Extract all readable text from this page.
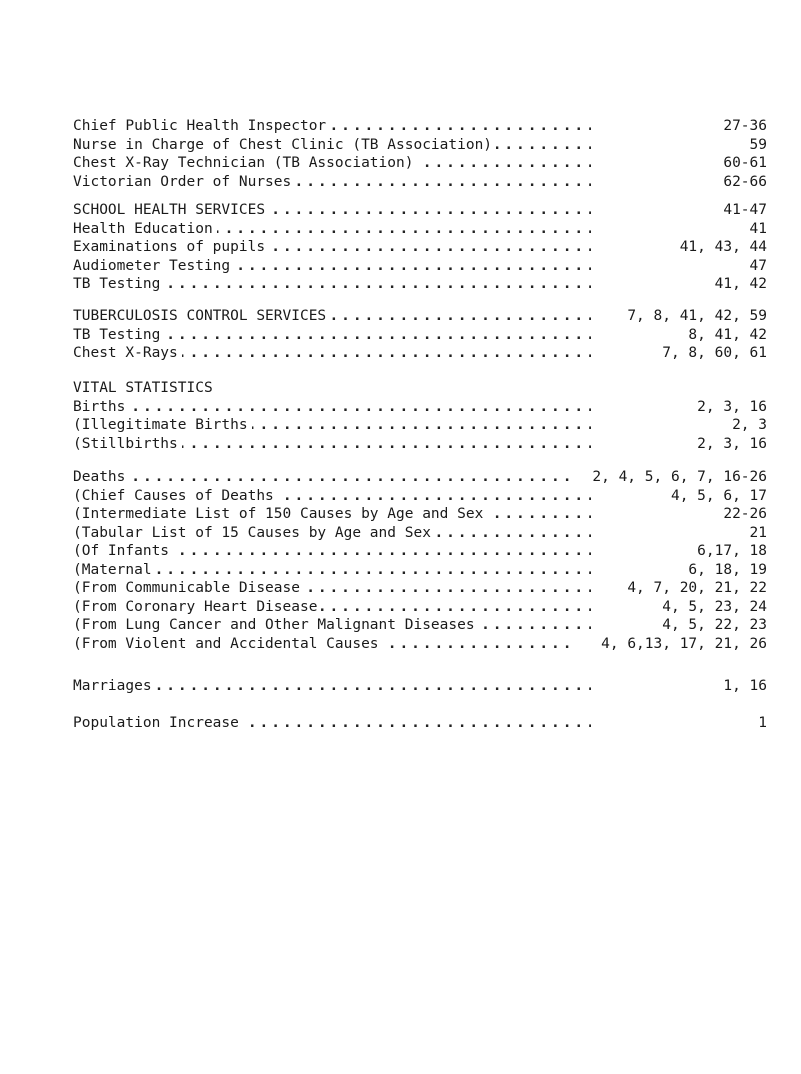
Chief Public Health Inspector . . .	27-36
Nurse in Charge of Chest Clinic (TB Association) . . .	59
Chest X-Ray Technician (TB Association) . . .	60-61
Victorian Order of Nurses . . .	62-66
SCHOOL HEALTH SERVICES . . .	41-47
Health Education . . .	41
Examinations of pupils . . .	41, 43, 44
Audiometer Testing . . .	47
TB Testing . . .	41, 42
TUBERCULOSIS CONTROL SERVICES . . .	7, 8, 41, 42, 59
TB Testing . . .	8, 41, 42
Chest X-Rays . . .	7, 8, 60, 61
VITAL STATISTICS
Births . . .	2, 3, 16
(Illegitimate Births . . .	2, 3
(Stillbirths . . .	2, 3, 16
Deaths . . .	2, 4, 5, 6, 7, 16-26
(Chief Causes of Deaths . . .	4, 5, 6, 17
(Intermediate List of 150 Causes by Age and Sex . . .	22-26
(Tabular List of 15 Causes by Age and Sex . . .	21
(Of Infants . . .	6,17, 18
(Maternal . . .	6, 18, 19
(From Communicable Disease . . .	4, 7, 20, 21, 22
(From Coronary Heart Disease . . .	4, 5, 23, 24
(From Lung Cancer and Other Malignant Diseases . . .	4, 5, 22, 23
(From Violent and Accidental Causes . . .	4, 6,13, 17, 21, 26
Marriages . . .	1, 16
Population Increase . . .	1
